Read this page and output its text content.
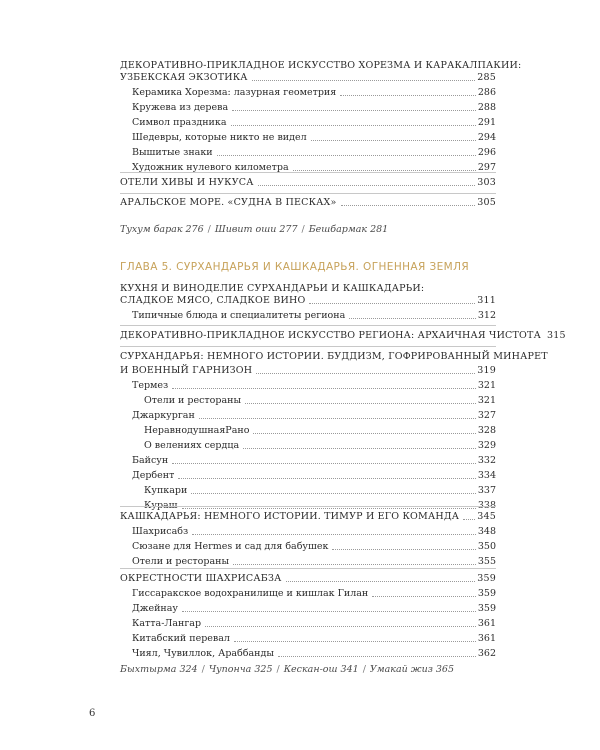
ДЕКОРАТИВНО-ПРИКЛАДНОЕ ИСКУССТВО ХОРЕЗМА И КАРАКАЛПАКИИ:
УЗБЕКСКАЯ ЭКЗОТИКА	285
Керамика Хорезма: лазурная геометрия	286
Кружева из дерева	288
Символ праздника	291
Шедевры, которые никто не видел	294
Вышитые знаки	296
Художник нулевого километра	297
ОТЕЛИ ХИВЫ И НУКУСА	303
АРАЛЬСКОЕ МОРЕ. «СУДНА В ПЕСКАХ»	305
Тухум барак 276 / Шивит оши 277 / Бешбармак 281
ГЛАВА 5. СУРХАНДАРЬЯ И КАШКАДАРЬЯ. ОГНЕННАЯ ЗЕМЛЯ
КУХНЯ И ВИНОДЕЛИЕ СУРХАНДАРЬИ И КАШКАДАРЬИ:
СЛАДКОЕ МЯСО, СЛАДКОЕ ВИНО	311
Типичные блюда и специалитеты региона	312
ДЕКОРАТИВНО-ПРИКЛАДНОЕ ИСКУССТВО РЕГИОНА: АРХАИЧНАЯ ЧИСТОТА 315
СУРХАНДАРЬЯ: НЕМНОГО ИСТОРИИ. БУДДИЗМ, ГОФРИРОВАННЫЙ МИНАРЕТ
И ВОЕННЫЙ ГАРНИЗОН	319
Термез	321
Отели и рестораны	321
Джаркурган	327
НеравнодушнаяРано	328
О велениях сердца	329
Байсун	332
Дербент	334
Купкари	337
Кураш	338
КАШКАДАРЬЯ: НЕМНОГО ИСТОРИИ. ТИМУР И ЕГО КОМАНДА 345
Шахрисабз	348
Сюзане для Hermes и сад для бабушек	350
Отели и рестораны	355
ОКРЕСТНОСТИ ШАХРИСАБЗА	359
Гиссаракское водохранилище и кишлак Гилан	359
Джейнау	359
Катта-Лангар	361
Китабский перевал	361
Чиял, Чувиллок, Араббанды	362
Быхтырма 324 / Чупонча 325 / Кескан-ош 341 / Умакай жиз 365
6
